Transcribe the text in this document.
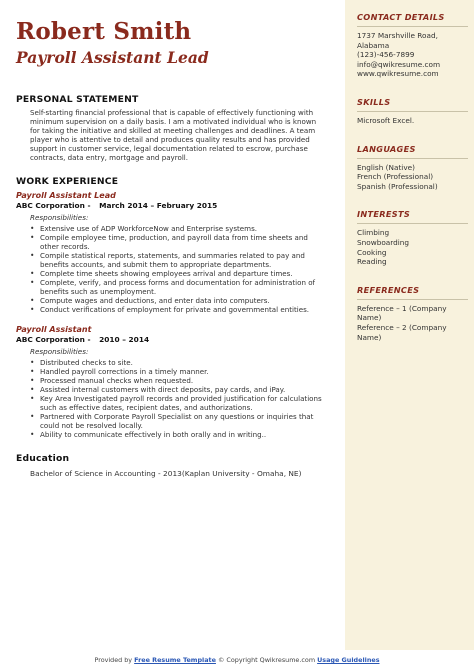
Robert Smith
Payroll Assistant Lead
PERSONAL STATEMENT
Self-starting financial professional that is capable of effectively functioning with minimum supervision on a daily basis. I am a motivated individual who is known for taking the initiative and skilled at meeting challenges and deadlines. A team player who is attentive to detail and produces quality results and has provided support in customer service, legal documentation related to escrow, purchase contracts, data entry, mortgage and payroll.
WORK EXPERIENCE
Payroll Assistant Lead
ABC Corporation - March 2014 – February 2015
Responsibilities:
• Extensive use of ADP WorkforceNow and Enterprise systems.
• Compile employee time, production, and payroll data from time sheets and other records.
• Compile statistical reports, statements, and summaries related to pay and benefits accounts, and submit them to appropriate departments.
• Complete time sheets showing employees arrival and departure times.
• Complete, verify, and process forms and documentation for administration of benefits such as unemployment.
• Compute wages and deductions, and enter data into computers.
• Conduct verifications of employment for private and governmental entities.
Payroll Assistant
ABC Corporation - 2010 – 2014
Responsibilities:
• Distributed checks to site.
• Handled payroll corrections in a timely manner.
• Processed manual checks when requested.
• Assisted internal customers with direct deposits, pay cards, and iPay.
• Key Area Investigated payroll records and provided justification for calculations such as effective dates, recipient dates, and authorizations.
• Partnered with Corporate Payroll Specialist on any questions or inquiries that could not be resolved locally.
• Ability to communicate effectively in both orally and in writing..
Education
Bachelor of Science in Accounting - 2013(Kaplan University - Omaha, NE)
CONTACT DETAILS
1737 Marshville Road,
Alabama
(123)-456-7899
info@qwikresume.com
www.qwikresume.com
SKILLS
Microsoft Excel.
LANGUAGES
English (Native)
French (Professional)
Spanish (Professional)
INTERESTS
Climbing
Snowboarding
Cooking
Reading
REFERENCES
Reference – 1 (Company Name)
Reference – 2 (Company Name)
Provided by Free Resume Template © Copyright Qwikresume.com Usage Guidelines
